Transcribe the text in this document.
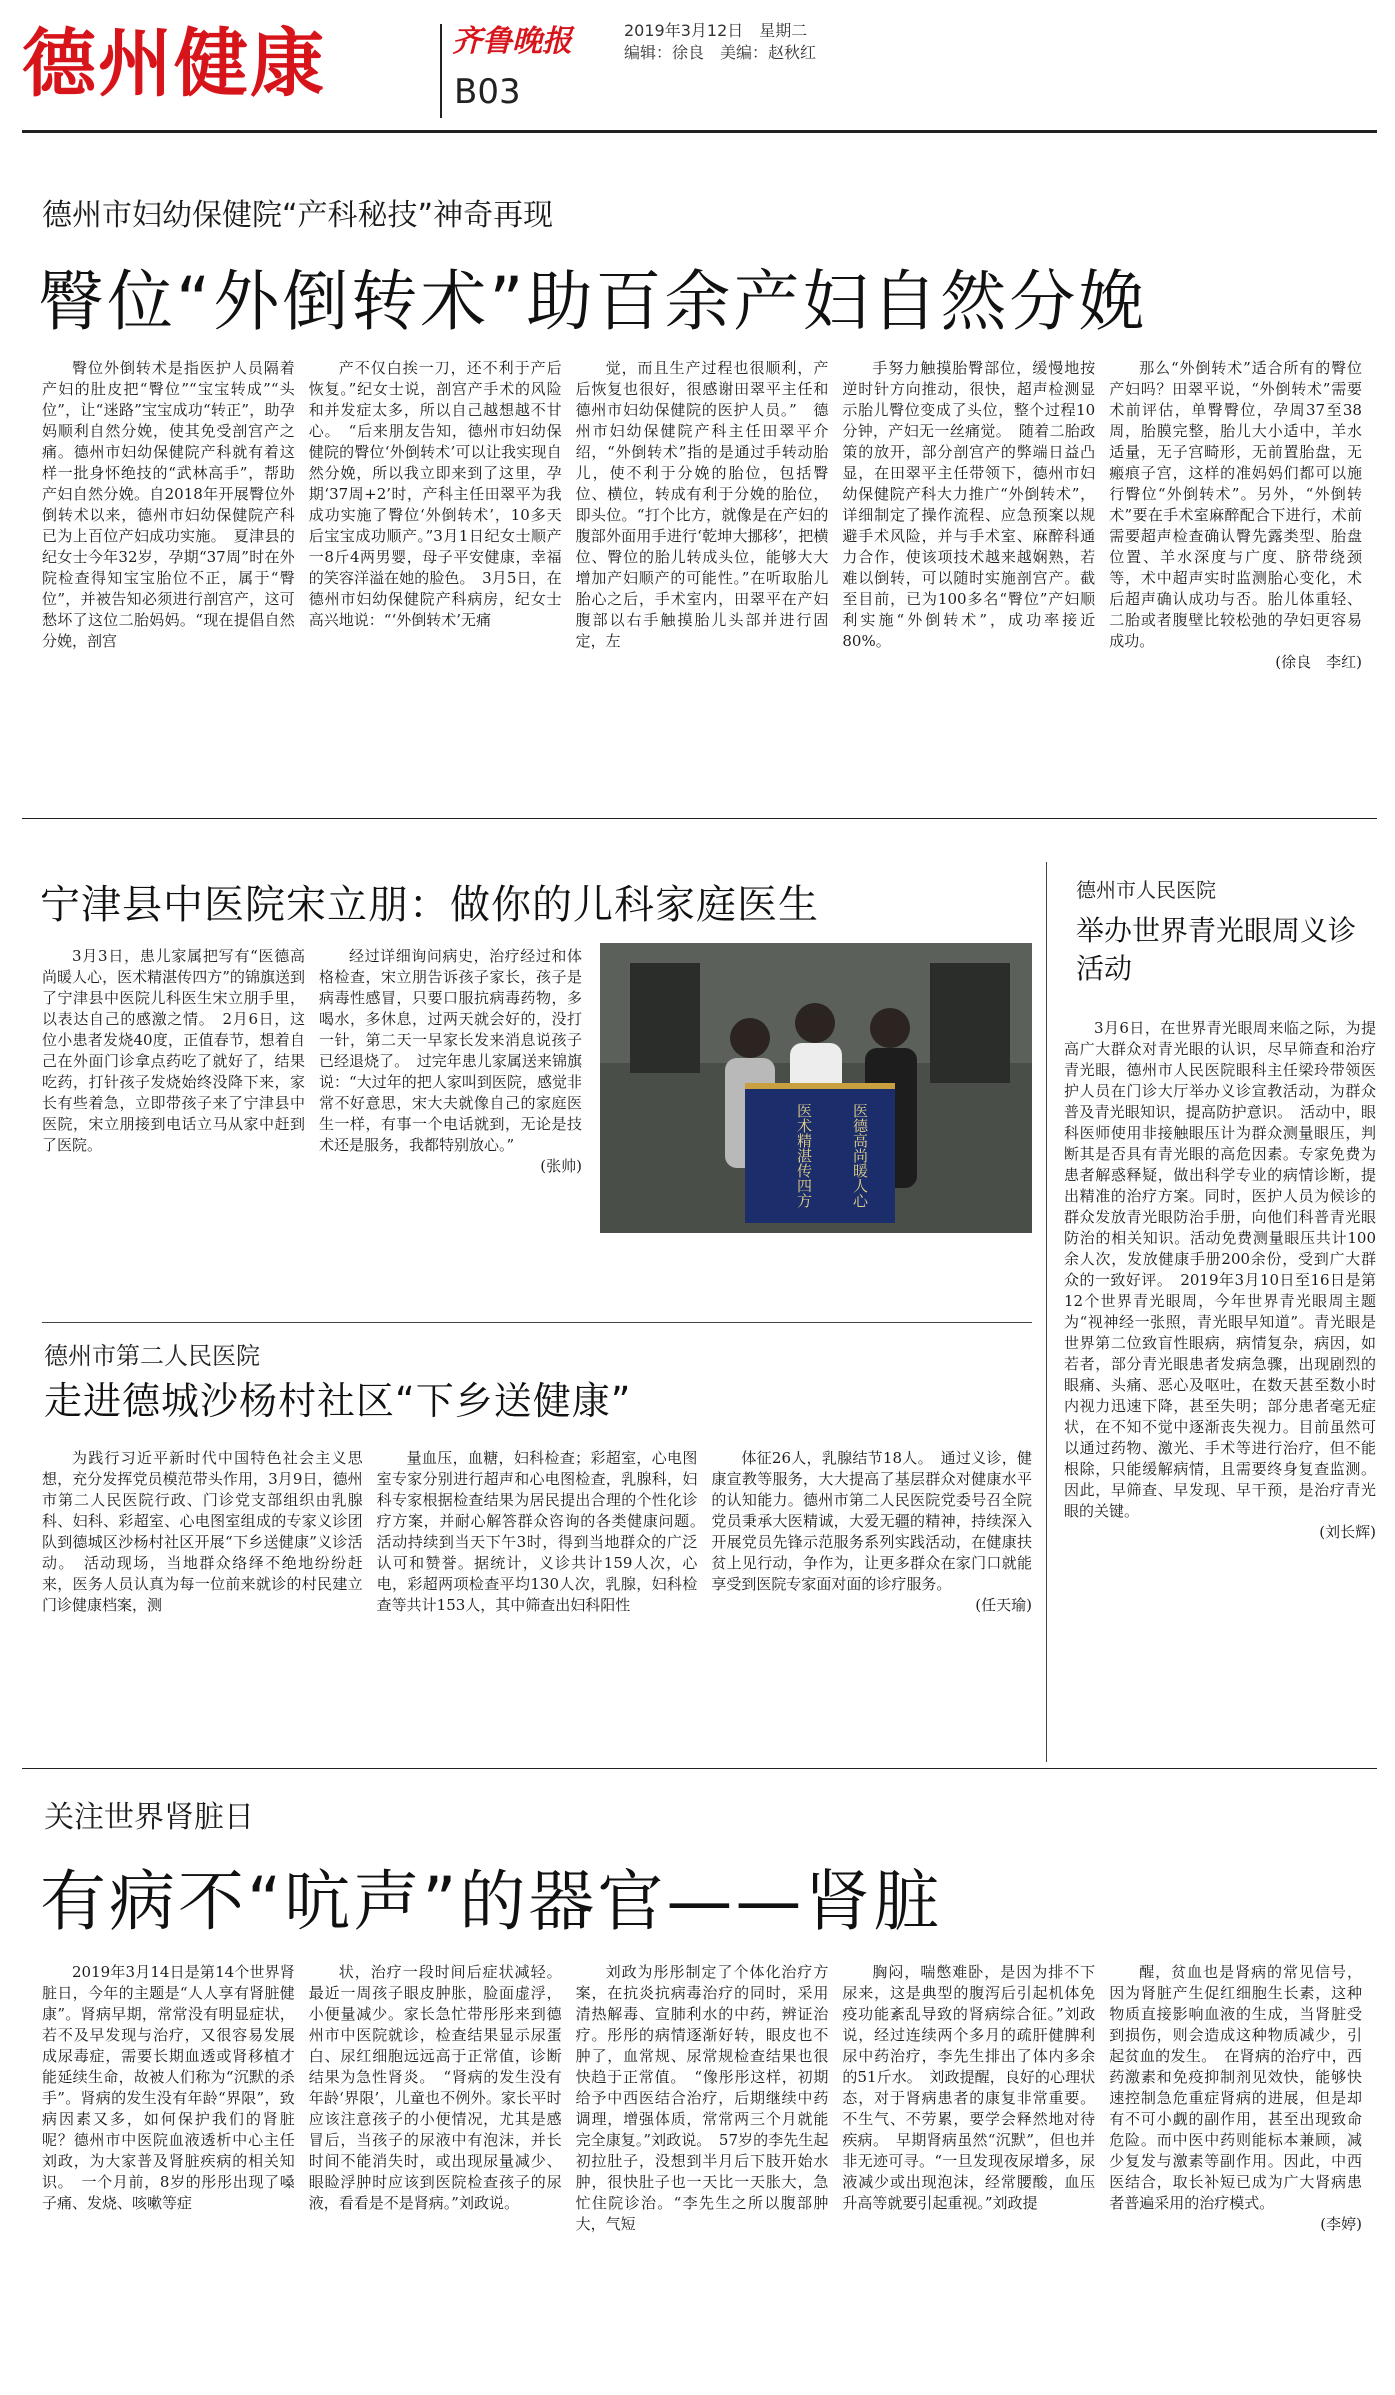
德州健康	齐鲁晚报
B03
2019年3月12日　星期二
编辑：徐良　美编：赵秋红
德州市妇幼保健院“产科秘技”神奇再现
臀位“外倒转术”助百余产妇自然分娩

臀位外倒转术是指医护人员隔着产妇的肚皮把“臀位”“宝宝转成”“头位”，让“迷路”宝宝成功“转正”，助孕妈顺利自然分娩，使其免受剖宫产之痛。德州市妇幼保健院产科就有着这样一批身怀绝技的“武林高手”，帮助产妇自然分娩。自2018年开展臀位外倒转术以来，德州市妇幼保健院产科已为上百位产妇成功实施。　夏津县的纪女士今年32岁，孕期“37周”时在外院检查得知宝宝胎位不正，属于“臀位”，并被告知必须进行剖宫产，这可愁坏了这位二胎妈妈。“现在提倡自然分娩，剖宫

产不仅白挨一刀，还不利于产后恢复。”纪女士说，剖宫产手术的风险和并发症太多，所以自己越想越不甘心。　“后来朋友告知，德州市妇幼保健院的臀位‘外倒转术’可以让我实现自然分娩，所以我立即来到了这里，孕期‘37周+2’时，产科主任田翠平为我成功实施了臀位‘外倒转术’，10多天后宝宝成功顺产。”3月1日纪女士顺产一8斤4两男婴，母子平安健康，幸福的笑容洋溢在她的脸色。　3月5日，在德州市妇幼保健院产科病房，纪女士高兴地说：“‘外倒转术’无痛

觉，而且生产过程也很顺利，产后恢复也很好，很感谢田翠平主任和德州市妇幼保健院的医护人员。”　德州市妇幼保健院产科主任田翠平介绍，“外倒转术”指的是通过手转动胎儿，使不利于分娩的胎位，包括臀位、横位，转成有利于分娩的胎位，即头位。“打个比方，就像是在产妇的腹部外面用手进行‘乾坤大挪移’，把横位、臀位的胎儿转成头位，能够大大增加产妇顺产的可能性。”在听取胎儿胎心之后，手术室内，田翠平在产妇腹部以右手触摸胎儿头部并进行固定，左

手努力触摸胎臀部位，缓慢地按逆时针方向推动，很快，超声检测显示胎儿臀位变成了头位，整个过程10分钟，产妇无一丝痛觉。　随着二胎政策的放开，部分剖宫产的弊端日益凸显，在田翠平主任带领下，德州市妇幼保健院产科大力推广“外倒转术”，详细制定了操作流程、应急预案以规避手术风险，并与手术室、麻醉科通力合作，使该项技术越来越娴熟，若难以倒转，可以随时实施剖宫产。截至目前，已为100多名“臀位”产妇顺利实施“外倒转术”，成功率接近80%。

那么“外倒转术”适合所有的臀位产妇吗？田翠平说，“外倒转术”需要术前评估，单臀臀位，孕周37至38周，胎膜完整，胎儿大小适中，羊水适量，无子宫畸形，无前置胎盘，无瘢痕子宫，这样的准妈妈们都可以施行臀位“外倒转术”。另外，“外倒转术”要在手术室麻醉配合下进行，术前需要超声检查确认臀先露类型、胎盘位置、羊水深度与广度、脐带绕颈等，术中超声实时监测胎心变化，术后超声确认成功与否。胎儿体重轻、二胎或者腹壁比较松弛的孕妇更容易成功。

(徐良　李红)
宁津县中医院宋立朋：做你的儿科家庭医生

3月3日，患儿家属把写有“医德高尚暖人心，医术精湛传四方”的锦旗送到了宁津县中医院儿科医生宋立朋手里，以表达自己的感激之情。　2月6日，这位小患者发烧40度，正值春节，想着自己在外面门诊拿点药吃了就好了，结果吃药，打针孩子发烧始终没降下来，家长有些着急，立即带孩子来了宁津县中医院，宋立朋接到电话立马从家中赶到了医院。

经过详细询问病史，治疗经过和体格检查，宋立朋告诉孩子家长，孩子是病毒性感冒，只要口服抗病毒药物，多喝水，多休息，过两天就会好的，没打一针，第二天一早家长发来消息说孩子已经退烧了。　过完年患儿家属送来锦旗说：“大过年的把人家叫到医院，感觉非常不好意思，宋大夫就像自己的家庭医生一样，有事一个电话就到，无论是技术还是服务，我都特别放心。”

(张帅)	医德高尚暖人心
医术精湛传四方
德州市人民医院
举办世界青光眼周义诊活动

3月6日，在世界青光眼周来临之际，为提高广大群众对青光眼的认识，尽早筛查和治疗青光眼，德州市人民医院眼科主任梁玲带领医护人员在门诊大厅举办义诊宣教活动，为群众普及青光眼知识，提高防护意识。　活动中，眼科医师使用非接触眼压计为群众测量眼压，判断其是否具有青光眼的高危因素。专家免费为患者解惑释疑，做出科学专业的病情诊断，提出精准的治疗方案。同时，医护人员为候诊的群众发放青光眼防治手册，向他们科普青光眼防治的相关知识。活动免费测量眼压共计100余人次，发放健康手册200余份，受到广大群众的一致好评。　2019年3月10日至16日是第12个世界青光眼周，今年世界青光眼周主题为“视神经一张照，青光眼早知道”。青光眼是世界第二位致盲性眼病，病情复杂，病因，如若者，部分青光眼患者发病急骤，出现剧烈的眼痛、头痛、恶心及呕吐，在数天甚至数小时内视力迅速下降，甚至失明；部分患者毫无症状，在不知不觉中逐渐丧失视力。目前虽然可以通过药物、激光、手术等进行治疗，但不能根除，只能缓解病情，且需要终身复查监测。因此，早筛查、早发现、早干预，是治疗青光眼的关键。

(刘长辉)
德州市第二人民医院
走进德城沙杨村社区“下乡送健康”

为践行习近平新时代中国特色社会主义思想，充分发挥党员模范带头作用，3月9日，德州市第二人民医院行政、门诊党支部组织由乳腺科、妇科、彩超室、心电图室组成的专家义诊团队到德城区沙杨村社区开展“下乡送健康”义诊活动。　活动现场，当地群众络绎不绝地纷纷赶来，医务人员认真为每一位前来就诊的村民建立门诊健康档案，测

量血压，血糖，妇科检查；彩超室，心电图室专家分别进行超声和心电图检查，乳腺科，妇科专家根据检查结果为居民提出合理的个性化诊疗方案，并耐心解答群众咨询的各类健康问题。　活动持续到当天下午3时，得到当地群众的广泛认可和赞誉。据统计，义诊共计159人次，心电，彩超两项检查平均130人次，乳腺，妇科检查等共计153人，其中筛查出妇科阳性

体征26人，乳腺结节18人。　通过义诊，健康宣教等服务，大大提高了基层群众对健康水平的认知能力。德州市第二人民医院党委号召全院党员秉承大医精诚，大爱无疆的精神，持续深入开展党员先锋示范服务系列实践活动，在健康扶贫上见行动，争作为，让更多群众在家门口就能享受到医院专家面对面的诊疗服务。

(任天瑜)
关注世界肾脏日
有病不“吭声”的器官——肾脏

2019年3月14日是第14个世界肾脏日，今年的主题是“人人享有肾脏健康”。肾病早期，常常没有明显症状，若不及早发现与治疗，又很容易发展成尿毒症，需要长期血透或肾移植才能延续生命，故被人们称为“沉默的杀手”。肾病的发生没有年龄“界限”，致病因素又多，如何保护我们的肾脏呢？德州市中医院血液透析中心主任刘政，为大家普及肾脏疾病的相关知识。　一个月前，8岁的彤彤出现了嗓子痛、发烧、咳嗽等症

状，治疗一段时间后症状减轻。最近一周孩子眼皮肿胀，脸面虚浮，小便量减少。家长急忙带彤彤来到德州市中医院就诊，检查结果显示尿蛋白、尿红细胞远远高于正常值，诊断结果为急性肾炎。　“肾病的发生没有年龄‘界限’，儿童也不例外。家长平时应该注意孩子的小便情况，尤其是感冒后，当孩子的尿液中有泡沫，并长时间不能消失时，或出现尿量减少、眼睑浮肿时应该到医院检查孩子的尿液，看看是不是肾病。”刘政说。

刘政为彤彤制定了个体化治疗方案，在抗炎抗病毒治疗的同时，采用清热解毒、宣肺利水的中药，辨证治疗。彤彤的病情逐渐好转，眼皮也不肿了，血常规、尿常规检查结果也很快趋于正常值。　“像彤彤这样，初期给予中西医结合治疗，后期继续中药调理，增强体质，常常两三个月就能完全康复。”刘政说。　57岁的李先生起初拉肚子，没想到半月后下肢开始水肿，很快肚子也一天比一天胀大，急忙住院诊治。“李先生之所以腹部肿大，气短

胸闷，喘憋难卧，是因为排不下尿来，这是典型的腹泻后引起机体免疫功能紊乱导致的肾病综合征。”刘政说，经过连续两个多月的疏肝健脾利尿中药治疗，李先生排出了体内多余的51斤水。　刘政提醒，良好的心理状态，对于肾病患者的康复非常重要。不生气、不劳累，要学会释然地对待疾病。　早期肾病虽然“沉默”，但也并非无迹可寻。“一旦发现夜尿增多，尿液减少或出现泡沫，经常腰酸，血压升高等就要引起重视。”刘政提

醒，贫血也是肾病的常见信号，因为肾脏产生促红细胞生长素，这种物质直接影响血液的生成，当肾脏受到损伤，则会造成这种物质减少，引起贫血的发生。　在肾病的治疗中，西药激素和免疫抑制剂见效快，能够快速控制急危重症肾病的进展，但是却有不可小觑的副作用，甚至出现致命危险。而中医中药则能标本兼顾，减少复发与激素等副作用。因此，中西医结合，取长补短已成为广大肾病患者普遍采用的治疗模式。

(李婷)
